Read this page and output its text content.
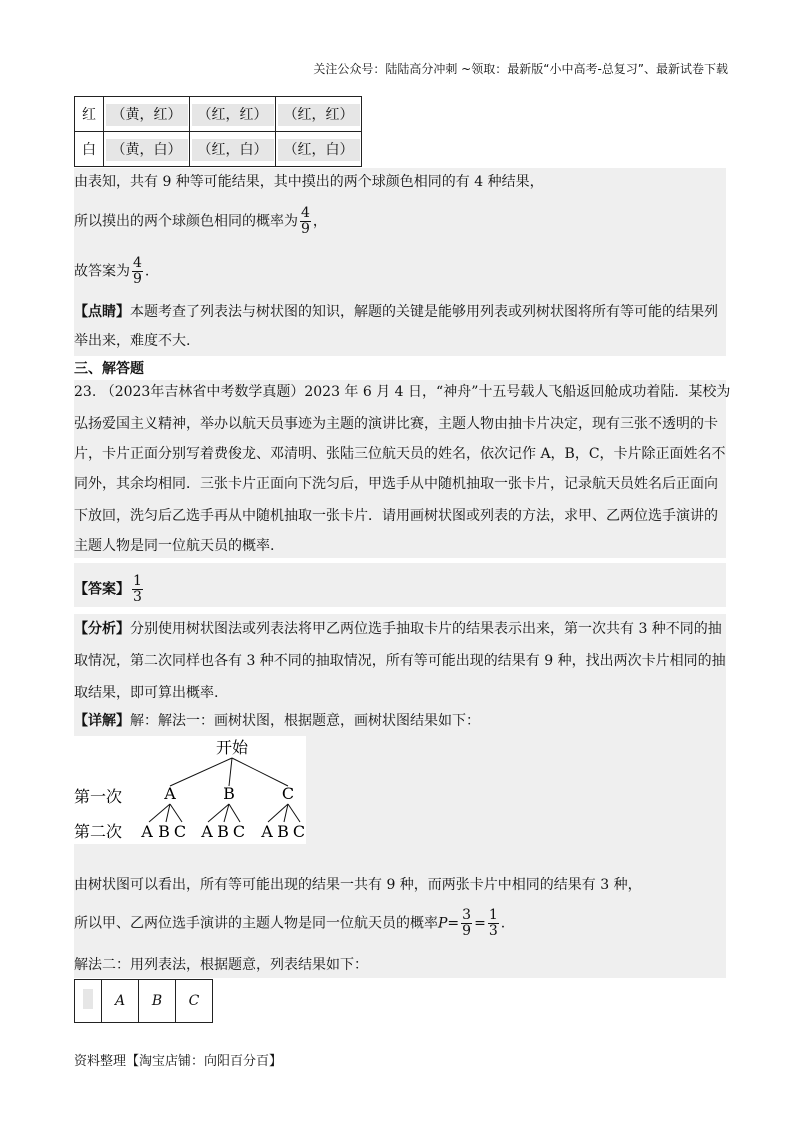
关注公众号：陆陆高分冲刺 ~领取：最新版“小中高考-总复习”、最新试卷下载
红	（黄，红）	（红，红）	（红，红）
白	（黄，白）	（红，白）	（红，白）
由表知，共有 9 种等可能结果，其中摸出的两个球颜色相同的有 4 种结果，
所以摸出的两个球颜色相同的概率为 $\frac{4}{9}$ ，
故答案为 $\frac{4}{9}$ .
【点睛】本题考查了列表法与树状图的知识，解题的关键是能够用列表或列树状图将所有等可能的结果列
举出来，难度不大.
三、解答题
23. （2023年吉林省中考数学真题）2023 年 6 月 4 日，“神舟”十五号载人飞船返回舱成功着陆．某校为
弘扬爱国主义精神，举办以航天员事迹为主题的演讲比赛，主题人物由抽卡片决定，现有三张不透明的卡
片，卡片正面分别写着费俊龙、邓清明、张陆三位航天员的姓名，依次记作 A，B，C，卡片除正面姓名不
同外，其余均相同．三张卡片正面向下洗匀后，甲选手从中随机抽取一张卡片，记录航天员姓名后正面向
下放回，洗匀后乙选手再从中随机抽取一张卡片．请用画树状图或列表的方法，求甲、乙两位选手演讲的
主题人物是同一位航天员的概率.
【答案】 $\frac{1}{3}$
【分析】分别使用树状图法或列表法将甲乙两位选手抽取卡片的结果表示出来，第一次共有 3 种不同的抽
取情况，第二次同样也各有 3 种不同的抽取情况，所有等可能出现的结果有 9 种，找出两次卡片相同的抽
取结果，即可算出概率.
【详解】解：解法一：画树状图，根据题意，画树状图结果如下：
开始
第一次	A	B	C
第二次 A B C A B C A B C
由树状图可以看出，所有等可能出现的结果一共有 9 种，而两张卡片中相同的结果有 3 种，
所以甲、乙两位选手演讲的主题人物是同一位航天员的概率$P= \frac{3}{9} = \frac{1}{3}$ .
解法二：用列表法，根据题意，列表结果如下：
	A	B	C
资料整理【淘宝店铺：向阳百分百】
